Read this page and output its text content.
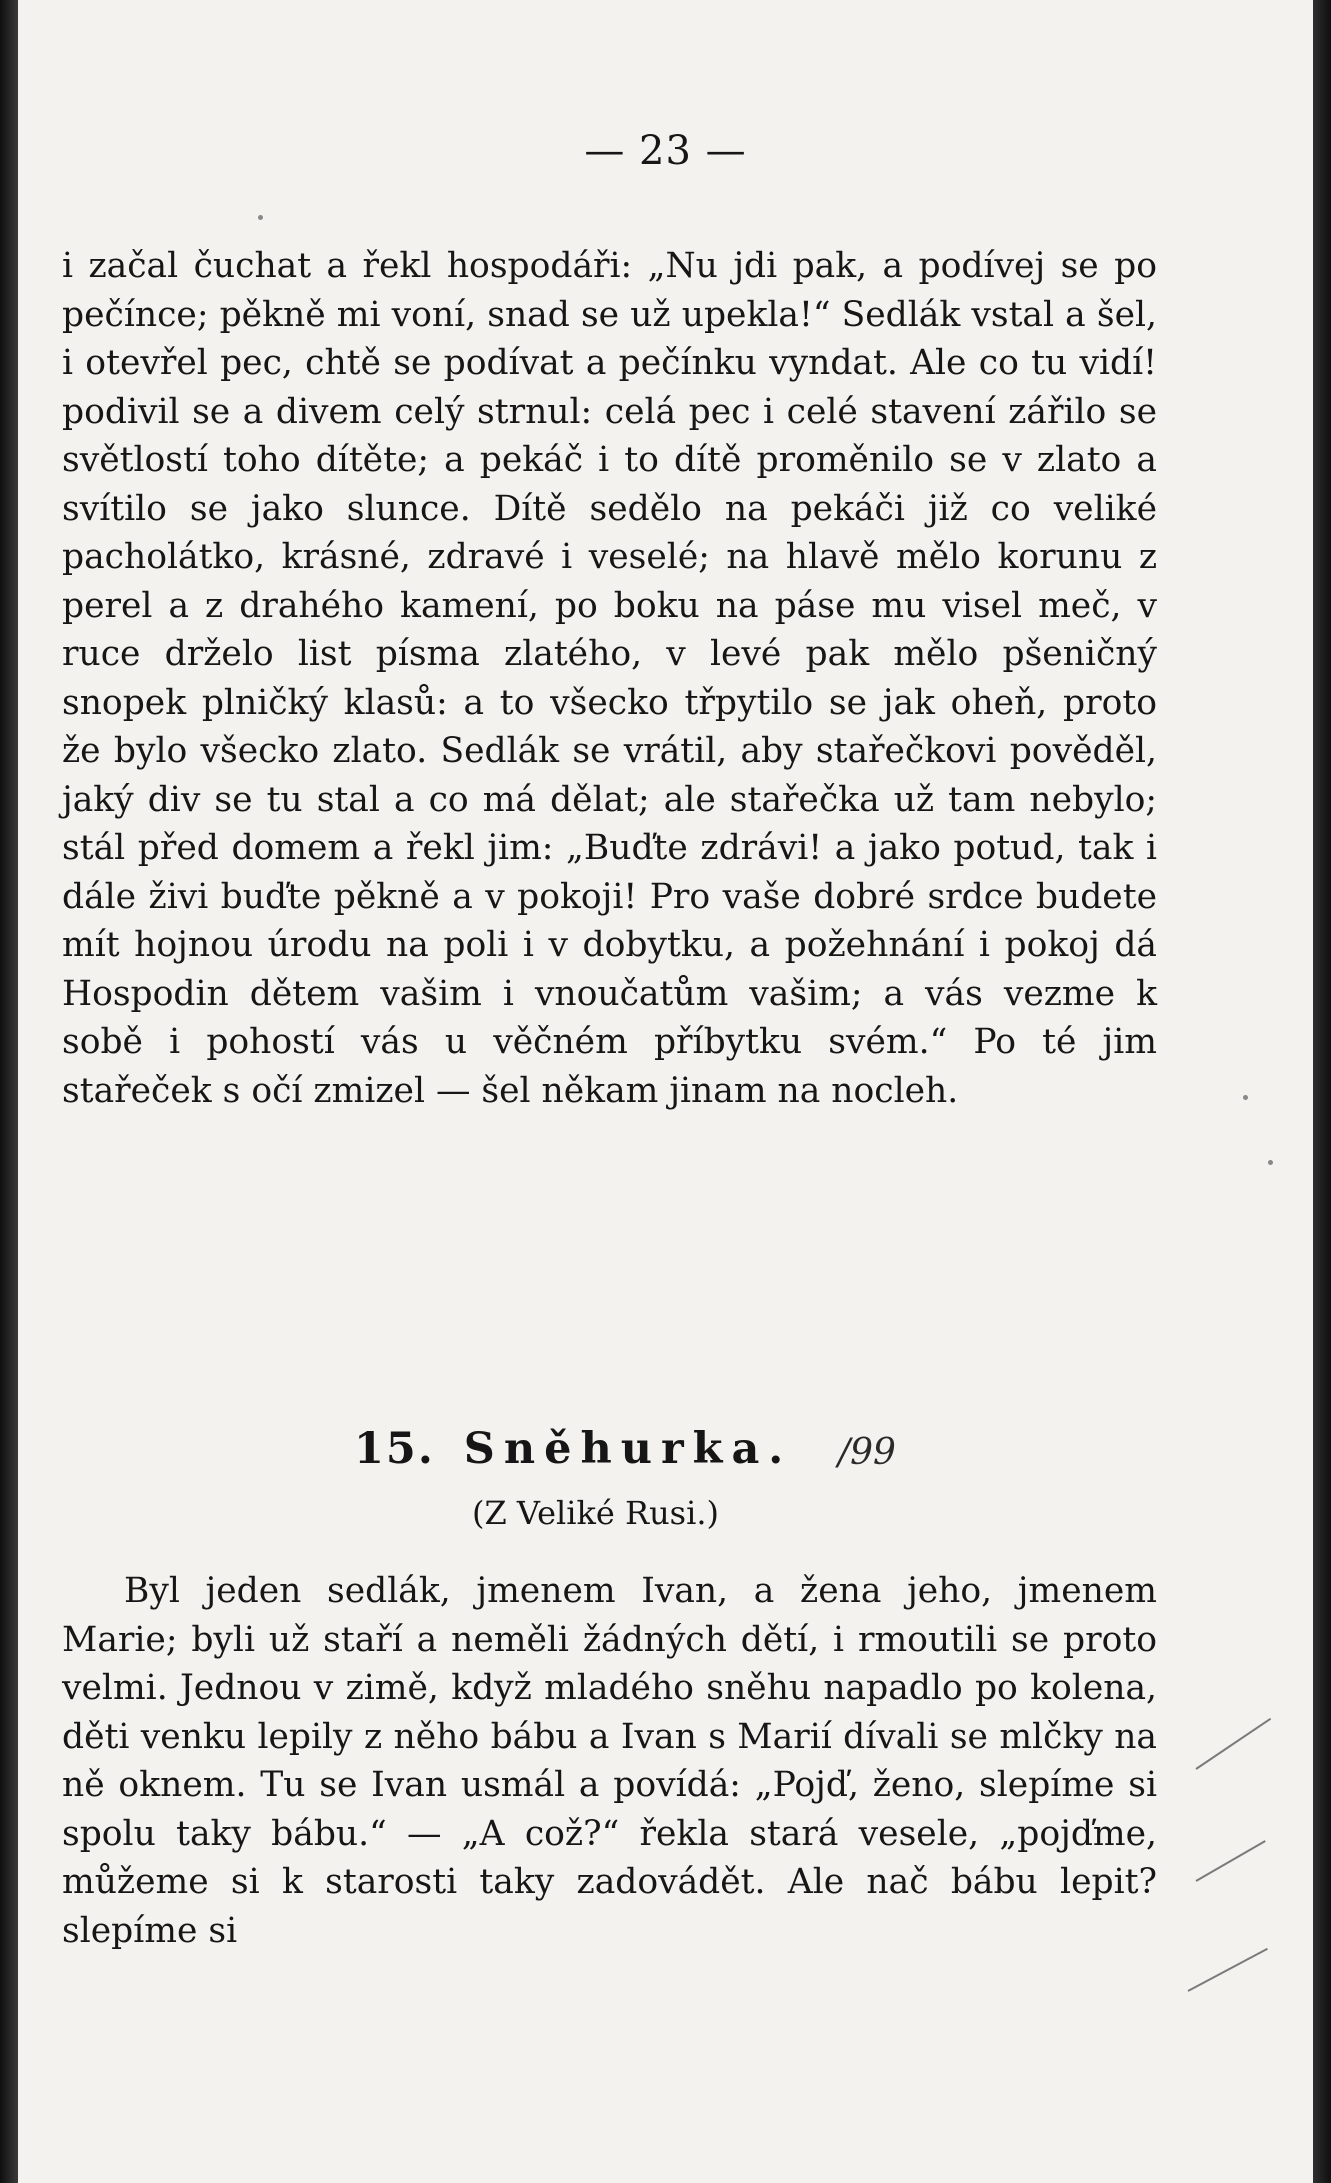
— 23 —

i začal čuchat a řekl hospodáři: „Nu jdi pak, a podívej se po pečínce; pěkně mi voní, snad se už upekla!“ Sedlák vstal a šel, i otevřel pec, chtě se podívat a pečínku vyndat. Ale co tu vidí! podivil se a divem celý strnul: celá pec i celé stavení zářilo se světlostí toho dítěte; a pekáč i to dítě proměnilo se v zlato a svítilo se jako slunce. Dítě sedělo na pekáči již co veliké pacholátko, krásné, zdravé i veselé; na hlavě mělo korunu z perel a z drahého kamení, po boku na páse mu visel meč, v ruce drželo list písma zlatého, v levé pak mělo pšeničný snopek plničký klasů: a to všecko třpytilo se jak oheň, proto že bylo všecko zlato. Sedlák se vrátil, aby stařečkovi pověděl, jaký div se tu stal a co má dělat; ale stařečka už tam nebylo; stál před domem a řekl jim: „Buďte zdrávi! a jako potud, tak i dále živi buďte pěkně a v pokoji! Pro vaše dobré srdce budete mít hojnou úrodu na poli i v dobytku, a požehnání i pokoj dá Hospodin dětem vašim i vnoučatům vašim; a vás vezme k sobě i pohostí vás u věčném příbytku svém.“ Po té jim stařeček s očí zmizel — šel někam jinam na nocleh.

15. Sněhurka. /99
(Z Veliké Rusi.)

Byl jeden sedlák, jmenem Ivan, a žena jeho, jmenem Marie; byli už staří a neměli žádných dětí, i rmoutili se proto velmi. Jednou v zimě, když mladého sněhu napadlo po kolena, děti venku lepily z něho bábu a Ivan s Marií dívali se mlčky na ně oknem. Tu se Ivan usmál a povídá: „Pojď, ženo, slepíme si spolu taky bábu.“ — „A což?“ řekla stará vesele, „pojďme, můžeme si k starosti taky zadovádět. Ale nač bábu lepit? slepíme si
